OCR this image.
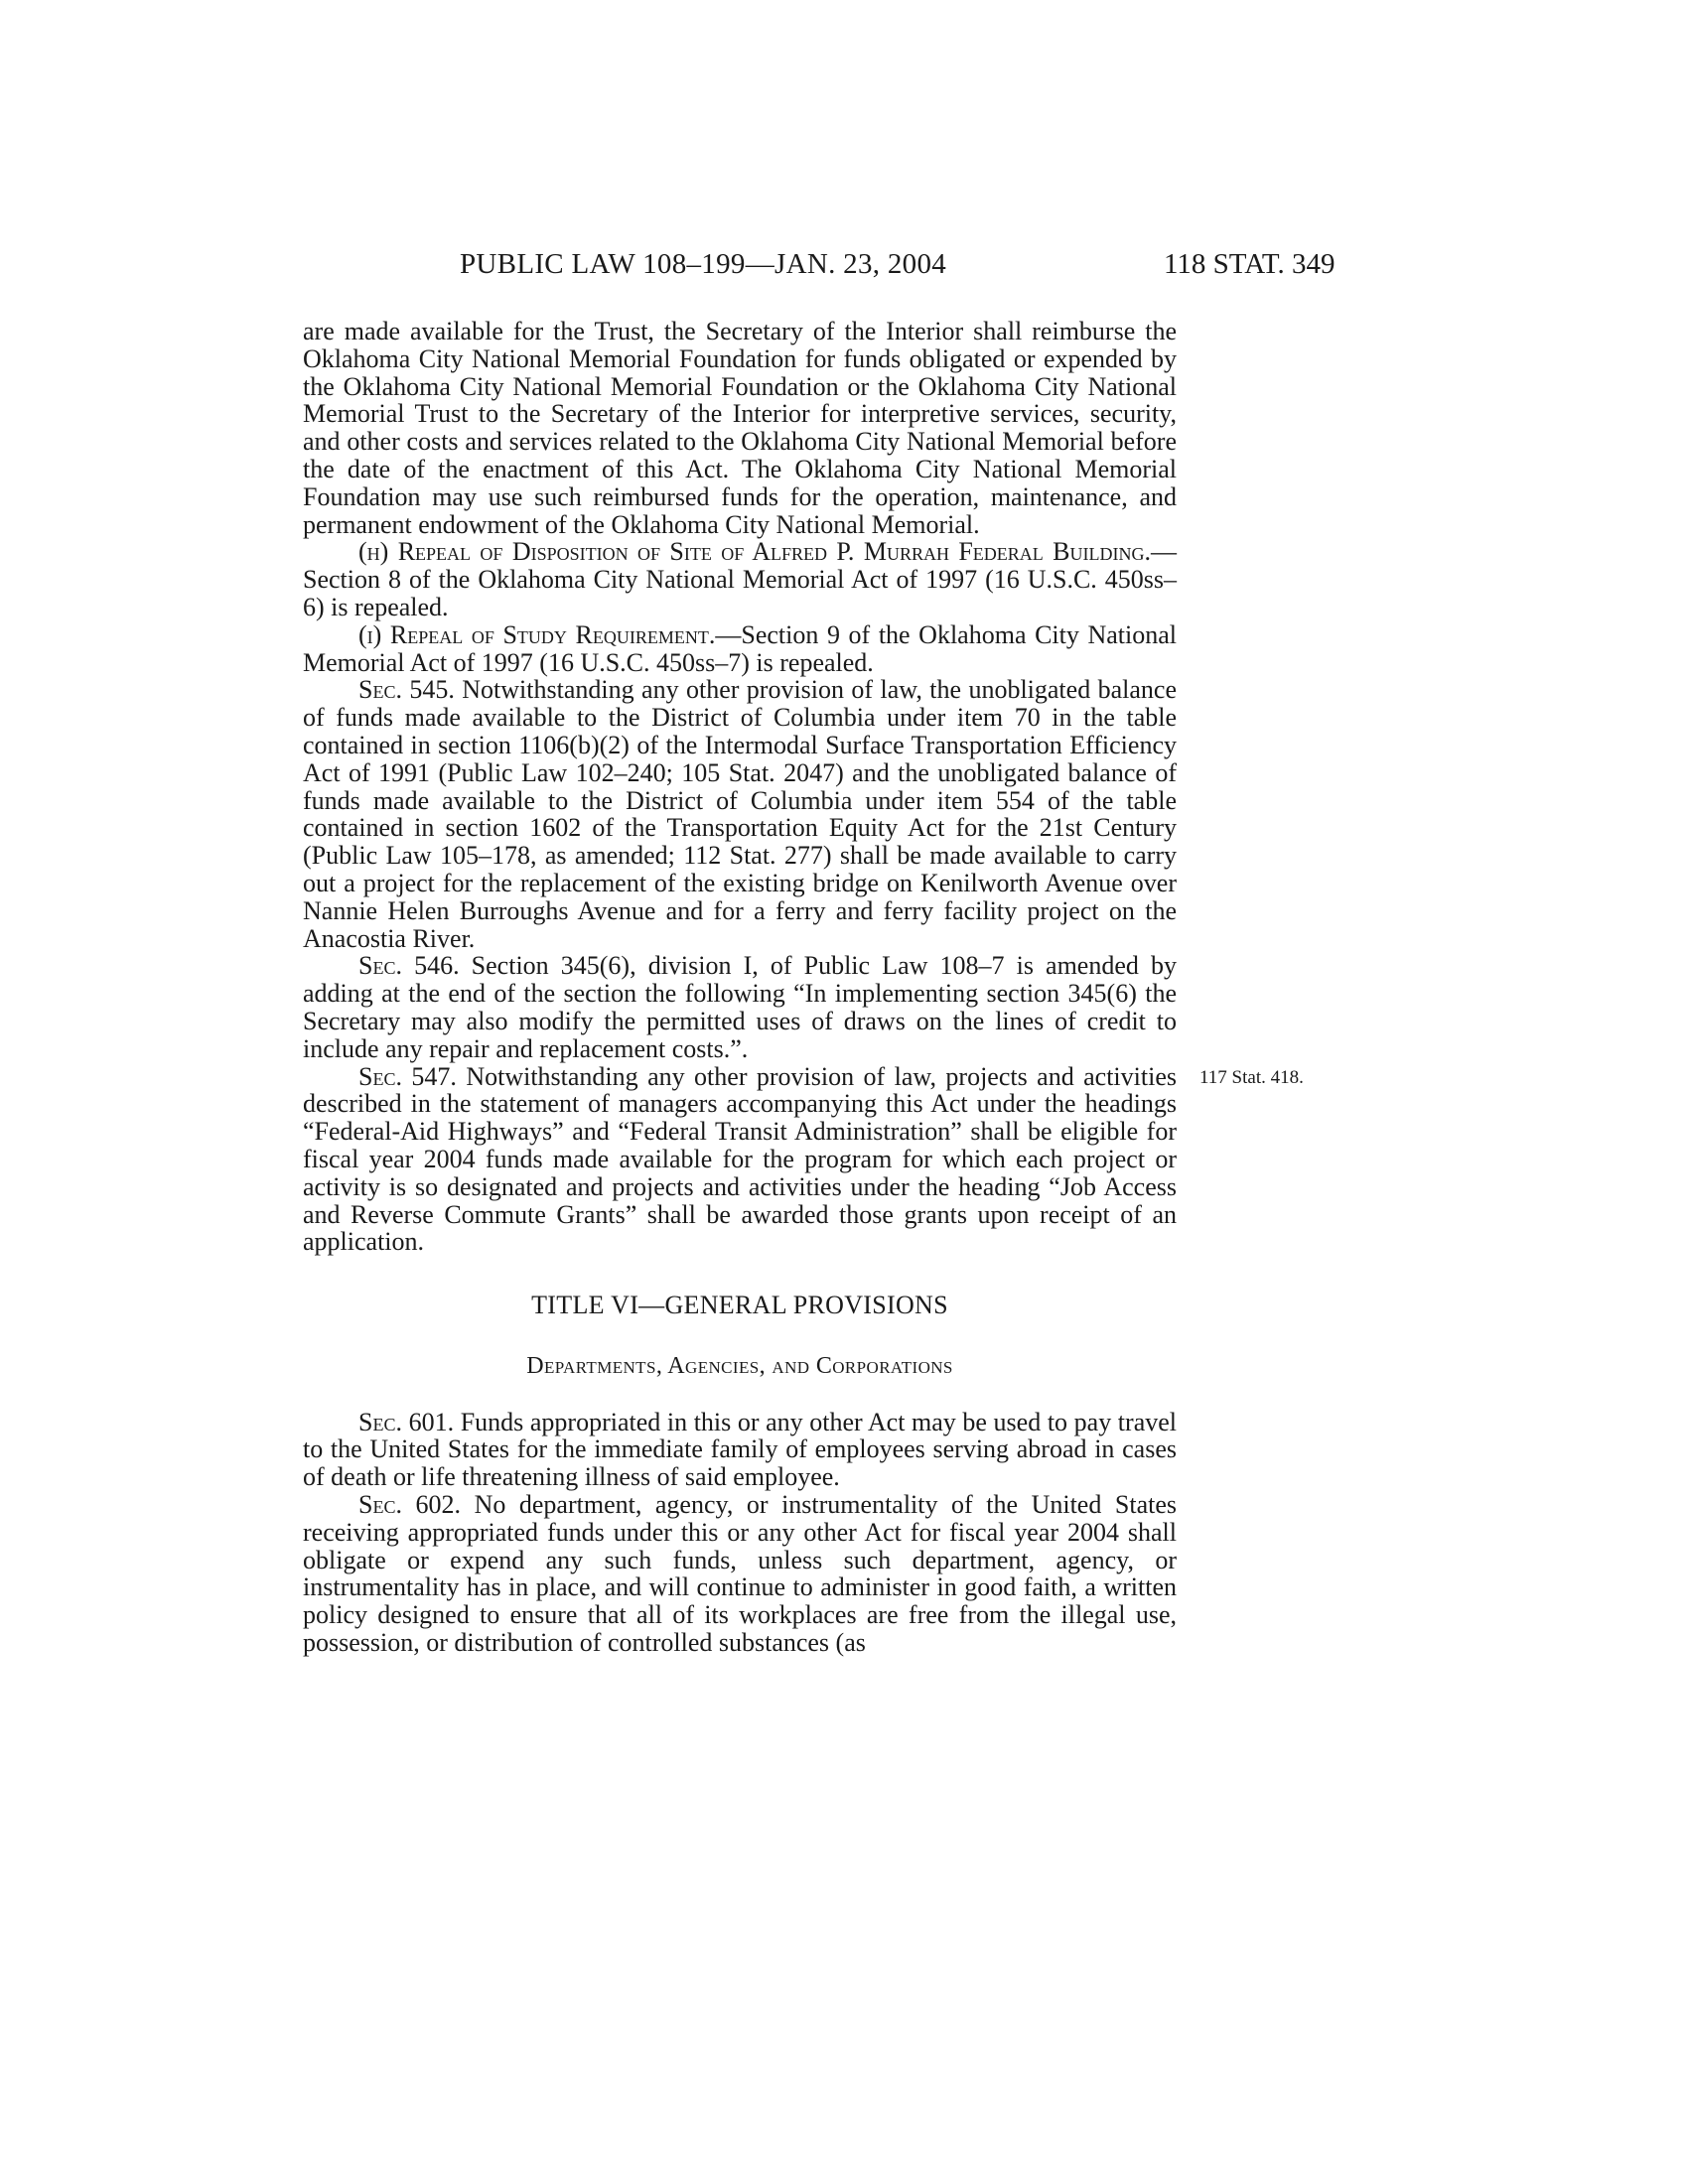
PUBLIC LAW 108–199—JAN. 23, 2004	118 STAT. 349
117 Stat. 418.

are made available for the Trust, the Secretary of the Interior shall reimburse the Oklahoma City National Memorial Foundation for funds obligated or expended by the Oklahoma City National Memorial Foundation or the Oklahoma City National Memorial Trust to the Secretary of the Interior for interpretive services, security, and other costs and services related to the Oklahoma City National Memorial before the date of the enactment of this Act. The Oklahoma City National Memorial Foundation may use such reimbursed funds for the operation, maintenance, and permanent endowment of the Oklahoma City National Memorial.

(h) Repeal of Disposition of Site of Alfred P. Murrah Federal Building.—Section 8 of the Oklahoma City National Memorial Act of 1997 (16 U.S.C. 450ss–6) is repealed.

(i) Repeal of Study Requirement.—Section 9 of the Oklahoma City National Memorial Act of 1997 (16 U.S.C. 450ss–7) is repealed.

Sec. 545. Notwithstanding any other provision of law, the unobligated balance of funds made available to the District of Columbia under item 70 in the table contained in section 1106(b)(2) of the Intermodal Surface Transportation Efficiency Act of 1991 (Public Law 102–240; 105 Stat. 2047) and the unobligated balance of funds made available to the District of Columbia under item 554 of the table contained in section 1602 of the Transportation Equity Act for the 21st Century (Public Law 105–178, as amended; 112 Stat. 277) shall be made available to carry out a project for the replacement of the existing bridge on Kenilworth Avenue over Nannie Helen Burroughs Avenue and for a ferry and ferry facility project on the Anacostia River.

Sec. 546. Section 345(6), division I, of Public Law 108–7 is amended by adding at the end of the section the following “In implementing section 345(6) the Secretary may also modify the permitted uses of draws on the lines of credit to include any repair and replacement costs.”.

Sec. 547. Notwithstanding any other provision of law, projects and activities described in the statement of managers accompanying this Act under the headings “Federal-Aid Highways” and “Federal Transit Administration” shall be eligible for fiscal year 2004 funds made available for the program for which each project or activity is so designated and projects and activities under the heading “Job Access and Reverse Commute Grants” shall be awarded those grants upon receipt of an application.

TITLE VI—GENERAL PROVISIONS

Departments, Agencies, and Corporations

Sec. 601. Funds appropriated in this or any other Act may be used to pay travel to the United States for the immediate family of employees serving abroad in cases of death or life threatening illness of said employee.

Sec. 602. No department, agency, or instrumentality of the United States receiving appropriated funds under this or any other Act for fiscal year 2004 shall obligate or expend any such funds, unless such department, agency, or instrumentality has in place, and will continue to administer in good faith, a written policy designed to ensure that all of its workplaces are free from the illegal use, possession, or distribution of controlled substances (as
